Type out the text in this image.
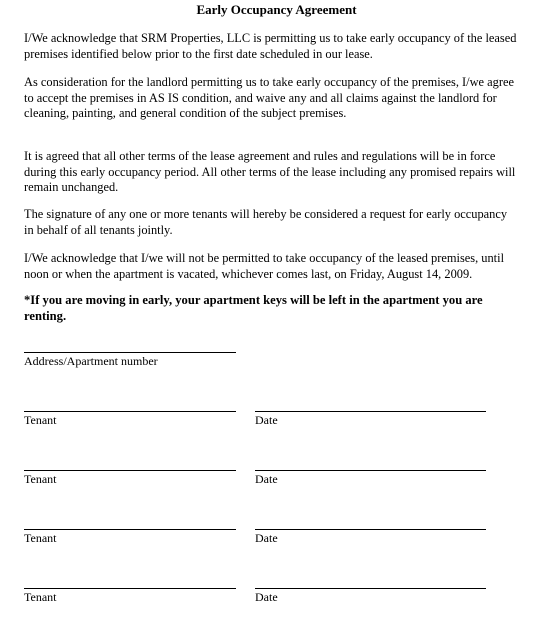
Early Occupancy Agreement

I/We acknowledge that SRM Properties, LLC is permitting us to take early occupancy of the leased
premises identified below prior to the first date scheduled in our lease.

As consideration for the landlord permitting us to take early occupancy of the premises, I/we agree
to accept the premises in AS IS condition, and waive any and all claims against the landlord for
cleaning, painting, and general condition of the subject premises.

It is agreed that all other terms of the lease agreement and rules and regulations will be in force
during this early occupancy period. All other terms of the lease including any promised repairs will
remain unchanged.

The signature of any one or more tenants will hereby be considered a request for early occupancy
in behalf of all tenants jointly.

I/We acknowledge that I/we will not be permitted to take occupancy of the leased premises, until
noon or when the apartment is vacated, whichever comes last, on Friday, August 14, 2009.

*If you are moving in early, your apartment keys will be left in the apartment you are
renting.

Address/Apartment number
Tenant	Date
Tenant	Date
Tenant	Date
Tenant	Date
